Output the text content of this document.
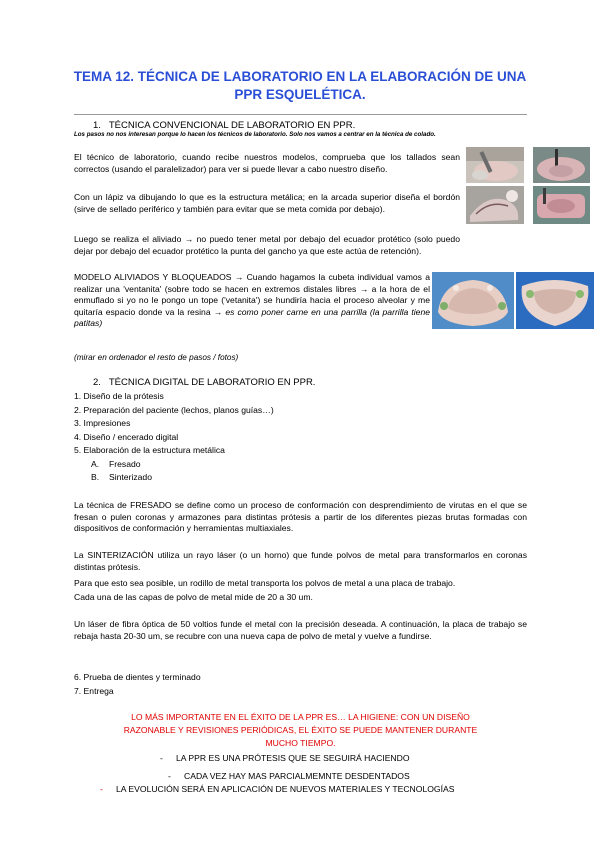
TEMA 12. TÉCNICA DE LABORATORIO EN LA ELABORACIÓN DE UNA
PPR ESQUELÉTICA.
1. TÉCNICA CONVENCIONAL DE LABORATORIO EN PPR.
Los pasos no nos interesan porque lo hacen los técnicos de laboratorio. Solo nos vamos a centrar en la técnica de colado.
El técnico de laboratorio, cuando recibe nuestros modelos, comprueba que los tallados sean correctos (usando el paralelizador) para ver si puede llevar a cabo nuestro diseño.
Con un lápiz va dibujando lo que es la estructura metálica; en la arcada superior diseña el bordón (sirve de sellado periférico y también para evitar que se meta comida por debajo).
Luego se realiza el aliviado → no puedo tener metal por debajo del ecuador protético (solo puedo dejar por debajo del ecuador protético la punta del gancho ya que este actúa de retención).
MODELO ALIVIADOS Y BLOQUEADOS → Cuando hagamos la cubeta individual vamos a realizar una 'ventanita' (sobre todo se hacen en extremos distales libres → a la hora de el enmuflado si yo no le pongo un tope ('vetanita') se hundiría hacia el proceso alveolar y me quitaría espacio donde va la resina → es como poner carne en una parrilla (la parrilla tiene patitas)
(mirar en ordenador el resto de pasos / fotos)
2. TÉCNICA DIGITAL DE LABORATORIO EN PPR.
1. Diseño de la prótesis
2. Preparación del paciente (lechos, planos guías…)
3. Impresiones
4. Diseño / encerado digital
5. Elaboración de la estructura metálica
A. Fresado
B. Sinterizado
La técnica de FRESADO se define como un proceso de conformación con desprendimiento de virutas en el que se fresan o pulen coronas y armazones para distintas prótesis a partir de los diferentes piezas brutas formadas con dispositivos de conformación y herramientas multiaxiales.
La SINTERIZACIÓN utiliza un rayo láser (o un horno) que funde polvos de metal para transformarlos en coronas distintas prótesis.
Para que esto sea posible, un rodillo de metal transporta los polvos de metal a una placa de trabajo.
Cada una de las capas de polvo de metal mide de 20 a 30 um.
Un láser de fibra óptica de 50 voltios funde el metal con la precisión deseada. A continuación, la placa de trabajo se rebaja hasta 20-30 um, se recubre con una nueva capa de polvo de metal y vuelve a fundirse.
6. Prueba de dientes y terminado
7. Entrega
LO MÁS IMPORTANTE EN EL ÉXITO DE LA PPR ES… LA HIGIENE: CON UN DISEÑO
RAZONABLE Y REVISIONES PERIÓDICAS, EL ÉXITO SE PUEDE MANTENER DURANTE
MUCHO TIEMPO.
- LA PPR ES UNA PRÓTESIS QUE SE SEGUIRÁ HACIENDO
- CADA VEZ HAY MAS PARCIALMEMNTE DESDENTADOS
- LA EVOLUCIÓN SERÁ EN APLICACIÓN DE NUEVOS MATERIALES Y TECNOLOGÍAS
